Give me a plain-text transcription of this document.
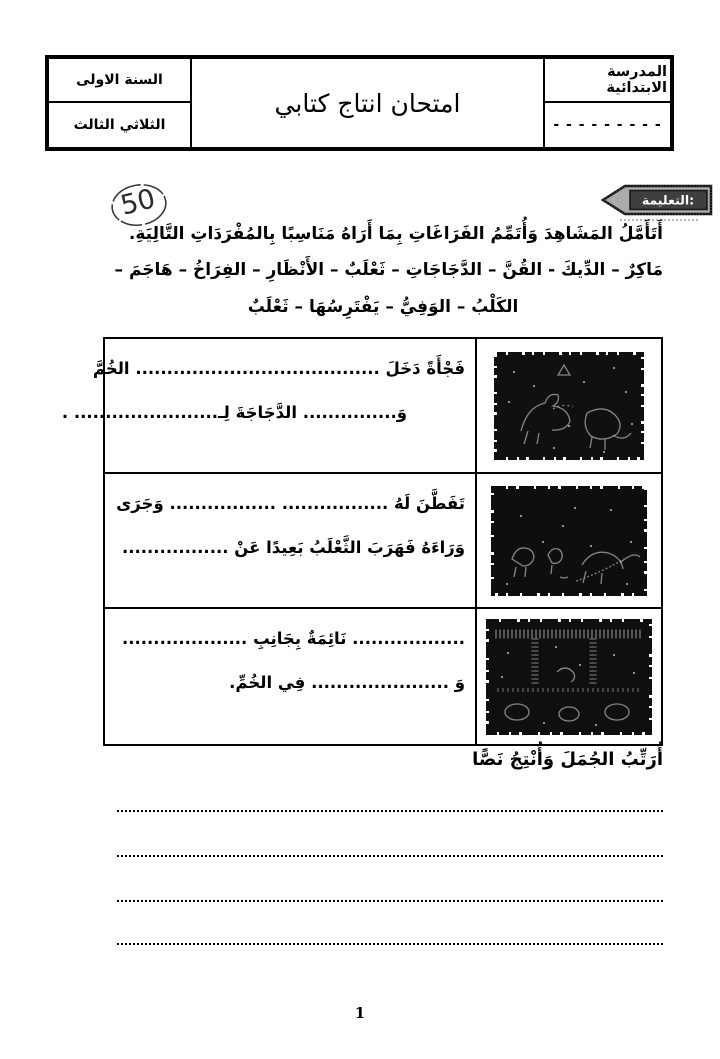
السنة الاولى
الثلاثي الثالث
امتحان انتاج كتابي
المدرسة الابتدائية
- - - - - - - - -
50	التعليمة:
أَتَأَمَّلُ المَشَاهِدَ وَأُتَمِّمُ الفَرَاغَاتِ بِمَا أَرَاهُ مَنَاسِبًا بِالمُفْرَدَاتِ التَّالِيَةِ.
مَاكِرٌ – الدِّيكَ - القُنَّ – الدَّجَاجَاتِ – ثَعْلَبٌ – الأَنْظَارِ – الفِرَاخُ – هَاجَمَ –
الكَلْبُ – الوَفِيُّ – يَفْتَرِسُهَا – ثَعْلَبٌ
فَجْأَةً دَخَلَ ....................................... الخُمَّ
وَ............... الدَّجَاجَةَ لِـ....................... .
تَفَطَّنَ لَهُ ................. ................. وَجَرَى
وَرَاءَهُ فَهَرَبَ الثَّعْلَبُ بَعِيدًا عَنْ .................
.................. نَائِمَةٌ بِجَانِبِ ....................
وَ ...................... فِي الخُمِّ.
أُرَتِّبُ الجُمَلَ وَأُنْتِجُ نَصًّا
1
